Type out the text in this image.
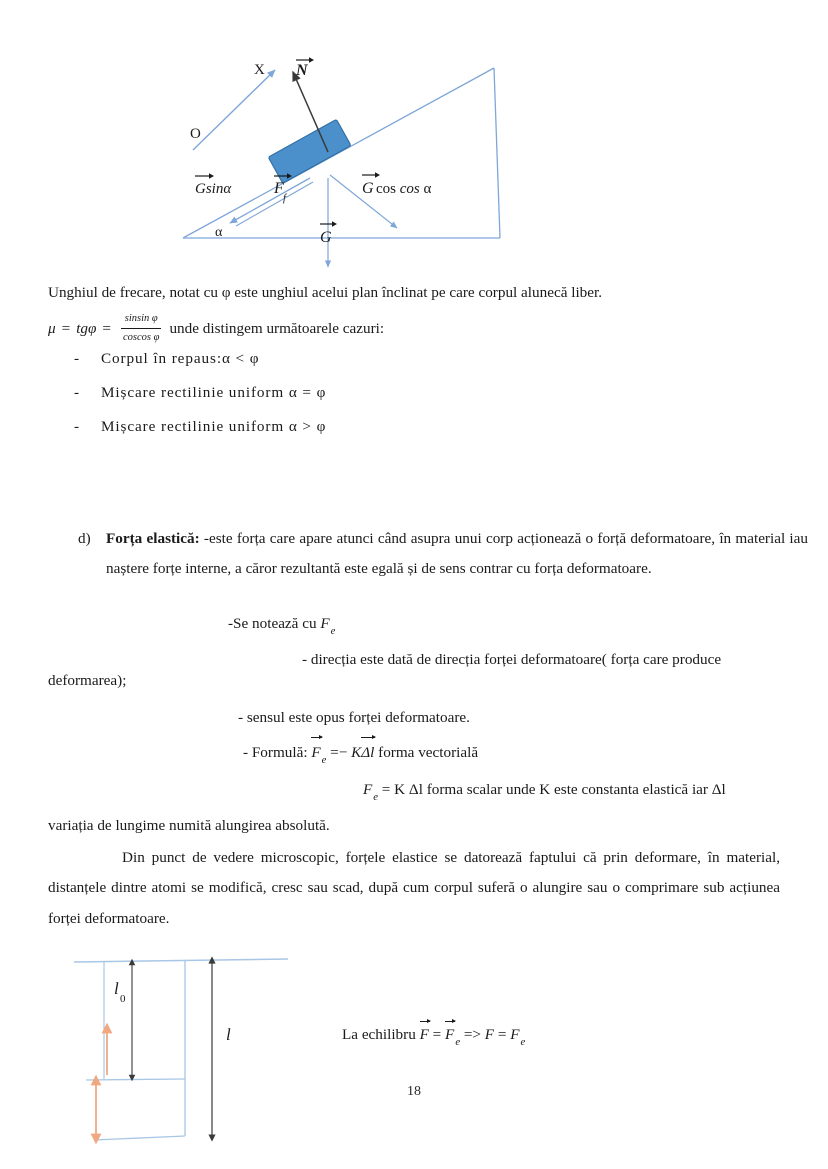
O
X N
Gsinα	F
f
G cos cos α
G
α
Unghiul de frecare, notat cu φ este unghiul acelui plan înclinat pe care corpul alunecă liber.
$\mu = tg\varphi = \frac{\text{sinsin φ}}{\text{coscos φ}}$ unde distingem următoarele cazuri:
- Corpul în repaus:α < φ
- Mișcare rectilinie uniform α = φ
- Mișcare rectilinie uniform α > φ
d) Forța elastică: -este forța care apare atunci când asupra unui corp acționează o forță deformatoare, în material iau naștere forțe interne, a căror rezultantă este egală și de sens contrar cu forța deformatoare.
-Se notează cu $F_e$
- direcția este dată de direcția forței deformatoare( forța care produce
deformarea);
- sensul este opus forței deformatoare.
- Formulă: $F_e =- K\Delta l$ forma vectorială
$F_e = K$ Δl forma scalar unde K este constanta elastică iar Δl
variația de lungime numită alungirea absolută.
Din punct de vedere microscopic, forțele elastice se datorează faptului că prin deformare, în material, distanțele dintre atomi se modifică, cresc sau scad, după cum corpul suferă o alungire sau o comprimare sub acțiunea forței deformatoare.
l
0
l	La echilibru $F = F_e => F = F_e$
18
